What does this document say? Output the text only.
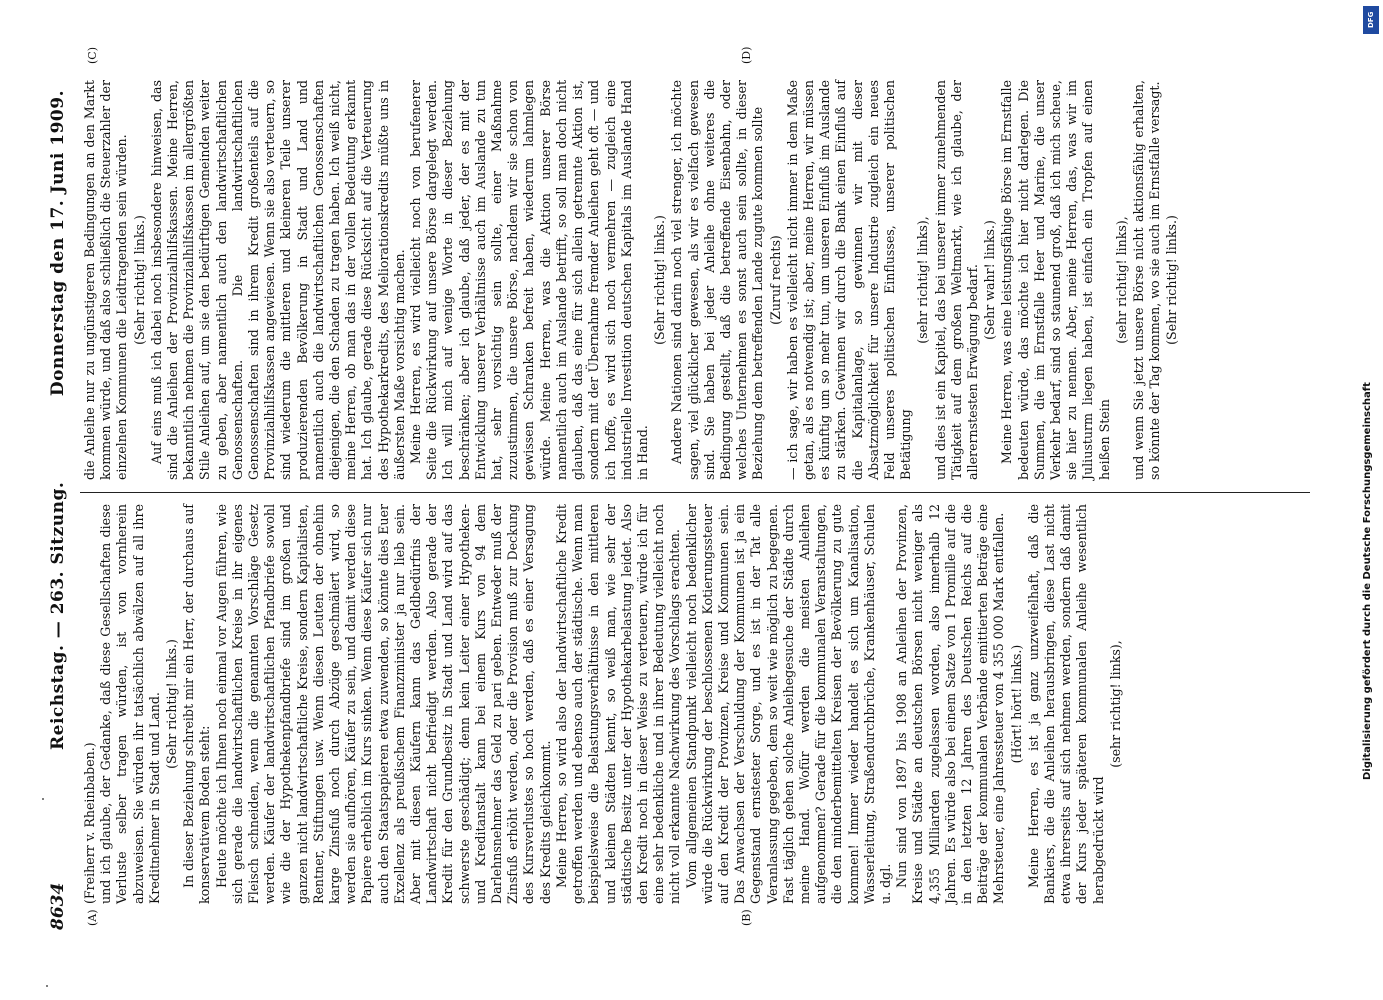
8634
Reichstag. — 263. Sitzung.
Donnerstag den 17. Juni 1909.
(A)	(B)
(C)	(D)

(Freiherr v. Rheinbaben.) und ich glaube, der Gedanke, daß diese Gesellschaften diese Verluste selber tragen würden, ist von vornherein abzuweisen. Sie würden ihr tatsächlich abwälzen auf all ihre Kreditnehmer in Stadt und Land. (Sehr richtig! links.) In dieser Beziehung schreibt mir ein Herr, der durchaus auf konservativem Boden steht: Heute möchte ich Ihnen noch einmal vor Augen führen, wie sich gerade die landwirtschaftlichen Kreise in ihr eigenes Fleisch schneiden, wenn die genannten Vorschläge Gesetz werden. Käufer der landwirtschaftlichen Pfandbriefe sowohl wie die der Hypothekenpfandbriefe sind im großen und ganzen nicht landwirtschaftliche Kreise, sondern Kapitalisten, Rentner, Stiftungen usw. Wenn diesen Leuten der ohnehin karge Zinsfuß noch durch Abzüge geschmälert wird, so werden sie aufhören, Käufer zu sein, und damit werden diese Papiere erheblich im Kurs sinken. Wenn diese Käufer sich nur auch den Staatspapieren etwa zuwenden, so könnte dies Euer Exzellenz als preußischem Finanzminister ja nur lieb sein. Aber mit diesen Käufern kann das Geldbedürfnis der Landwirtschaft nicht befriedigt werden. Also gerade der Kredit für den Grundbesitz in Stadt und Land wird auf das schwerste geschädigt; denn kein Leiter einer Hypotheken- und Kreditanstalt kann bei einem Kurs von 94 dem Darlehnsnehmer das Geld zu pari geben. Entweder muß der Zinsfuß erhöht werden, oder die Provision muß zur Deckung des Kursverlustes so hoch werden, daß es einer Versagung des Kredits gleichkommt. Meine Herren, so wird also der landwirtschaftliche Kredit getroffen werden und ebenso auch der städtische. Wenn man beispielsweise die Belastungsverhältnisse in den mittleren und kleinen Städten kennt, so weiß man, wie sehr der städtische Besitz unter der Hypothekarbelastung leidet. Also den Kredit noch in dieser Weise zu verteuern, würde ich für eine sehr bedenkliche und in ihrer Bedeutung vielleicht noch nicht voll erkannte Nachwirkung des Vorschlags erachten. Vom allgemeinen Standpunkt vielleicht noch bedenklicher würde die Rückwirkung der beschlossenen Kotierungssteuer auf den Kredit der Provinzen, Kreise und Kommunen sein. Das Anwachsen der Verschuldung der Kommunen ist ja ein Gegenstand ernstester Sorge, und es ist in der Tat alle Veranlassung gegeben, dem so weit wie möglich zu begegnen. Fast täglich gehen solche Anleihegesuche der Städte durch meine Hand. Wofür werden die meisten Anleihen aufgenommen? Gerade für die kommunalen Veranstaltungen, die den minderbemittelten Kreisen der Bevölkerung zu gute kommen! Immer wieder handelt es sich um Kanalisation, Wasserleitung, Straßendurchbrüche, Krankenhäuser, Schulen u. dgl. Nun sind von 1897 bis 1908 an Anleihen der Provinzen, Kreise und Städte an deutschen Börsen nicht weniger als 4,355 Milliarden zugelassen worden, also innerhalb 12 Jahren. Es würde also bei einem Satze von 1 Promille auf die in den letzten 12 Jahren des Deutschen Reichs auf die Beiträge der kommunalen Verbände emittierten Beträge eine Mehrsteuer, eine Jahressteuer von 4 355 000 Mark entfallen. (Hört! hört! links.) Meine Herren, es ist ja ganz unzweifelhaft, daß die Bankiers, die die Anleihen herausbringen, diese Last nicht etwa ihrerseits auf sich nehmen werden, sondern daß damit der Kurs jeder späteren kommunalen Anleihe wesentlich herabgedrückt wird

(sehr richtig! links),

die Anleihe nur zu ungünstigeren Bedingungen an den Markt kommen würde, und daß also schließlich die Steuerzahler der einzelnen Kommunen die Leidtragenden sein würden. (Sehr richtig! links.) Auf eins muß ich dabei noch insbesondere hinweisen, das sind die Anleihen der Provinzialhilfskassen. Meine Herren, bekanntlich nehmen die Provinzialhilfskassen im allergrößten Stile Anleihen auf, um sie den bedürftigen Gemeinden weiter zu geben, aber namentlich auch den landwirtschaftlichen Genossenschaften. Die landwirtschaftlichen Genossenschaften sind in ihrem Kredit großenteils auf die Provinzialhilfskassen angewiesen. Wenn sie also verteuern, so sind wiederum die mittleren und kleineren Teile unserer produzierenden Bevölkerung in Stadt und Land und namentlich auch die landwirtschaftlichen Genossenschaften diejenigen, die den Schaden zu tragen haben. Ich weiß nicht, meine Herren, ob man das in der vollen Bedeutung erkannt hat. Ich glaube, gerade diese Rücksicht auf die Verteuerung des Hypothekarkredits, des Meliorationskredits müßte uns in äußersten Maße vorsichtig machen. Meine Herren, es wird vielleicht noch von berufenerer Seite die Rückwirkung auf unsere Börse dargelegt werden. Ich will mich auf wenige Worte in dieser Beziehung beschränken; aber ich glaube, daß jeder, der es mit der Entwicklung unserer Verhältnisse auch im Auslande zu tun hat, sehr vorsichtig sein sollte, einer Maßnahme zuzustimmen, die unsere Börse, nachdem wir sie schon von gewissen Schranken befreit haben, wiederum lahmlegen würde. Meine Herren, was die Aktion unserer Börse namentlich auch im Auslande betrifft, so soll man doch nicht glauben, daß das eine für sich allein getrennte Aktion ist, sondern mit der Übernahme fremder Anleihen geht oft — und ich hoffe, es wird sich noch vermehren — zugleich eine industrielle Investition deutschen Kapitals im Auslande Hand in Hand.

(Sehr richtig! links.) Andere Nationen sind darin noch viel strenger, ich möchte sagen, viel glücklicher gewesen, als wir es vielfach gewesen sind. Sie haben bei jeder Anleihe ohne weiteres die Bedingung gestellt, daß die betreffende Eisenbahn, oder welches Unternehmen es sonst auch sein sollte, in dieser Beziehung dem betreffenden Lande zugute kommen sollte (Zuruf rechts) — ich sage, wir haben es vielleicht nicht immer in dem Maße getan, als es notwendig ist; aber, meine Herren, wir müssen es künftig um so mehr tun, um unseren Einfluß im Auslande zu stärken. Gewinnen wir durch die Bank einen Einfluß auf die Kapitalanlage, so gewinnen wir mit dieser Absatzmöglichkeit für unsere Industrie zugleich ein neues Feld unseres politischen Einflusses, unserer politischen Betätigung

(sehr richtig! links), und dies ist ein Kapitel, das bei unserer immer zunehmenden Tätigkeit auf dem großen Weltmarkt, wie ich glaube, der allerernstesten Erwägung bedarf. (Sehr wahr! links.) Meine Herren, was eine leistungsfähige Börse im Ernstfalle bedeuten würde, das möchte ich hier nicht darlegen. Die Summen, die im Ernstfalle Heer und Marine, die unser Verkehr bedarf, sind so staunend groß, daß ich mich scheue, sie hier zu nennen. Aber, meine Herren, das, was wir im Juliusturm liegen haben, ist einfach ein Tropfen auf einen heißen Stein

(sehr richtig! links), und wenn Sie jetzt unsere Börse nicht aktionsfähig erhalten, so könnte der Tag kommen, wo sie auch im Ernstfalle versagt. (Sehr richtig! links.)

DFG
Digitalisierung gefördert durch die Deutsche Forschungsgemeinschaft
